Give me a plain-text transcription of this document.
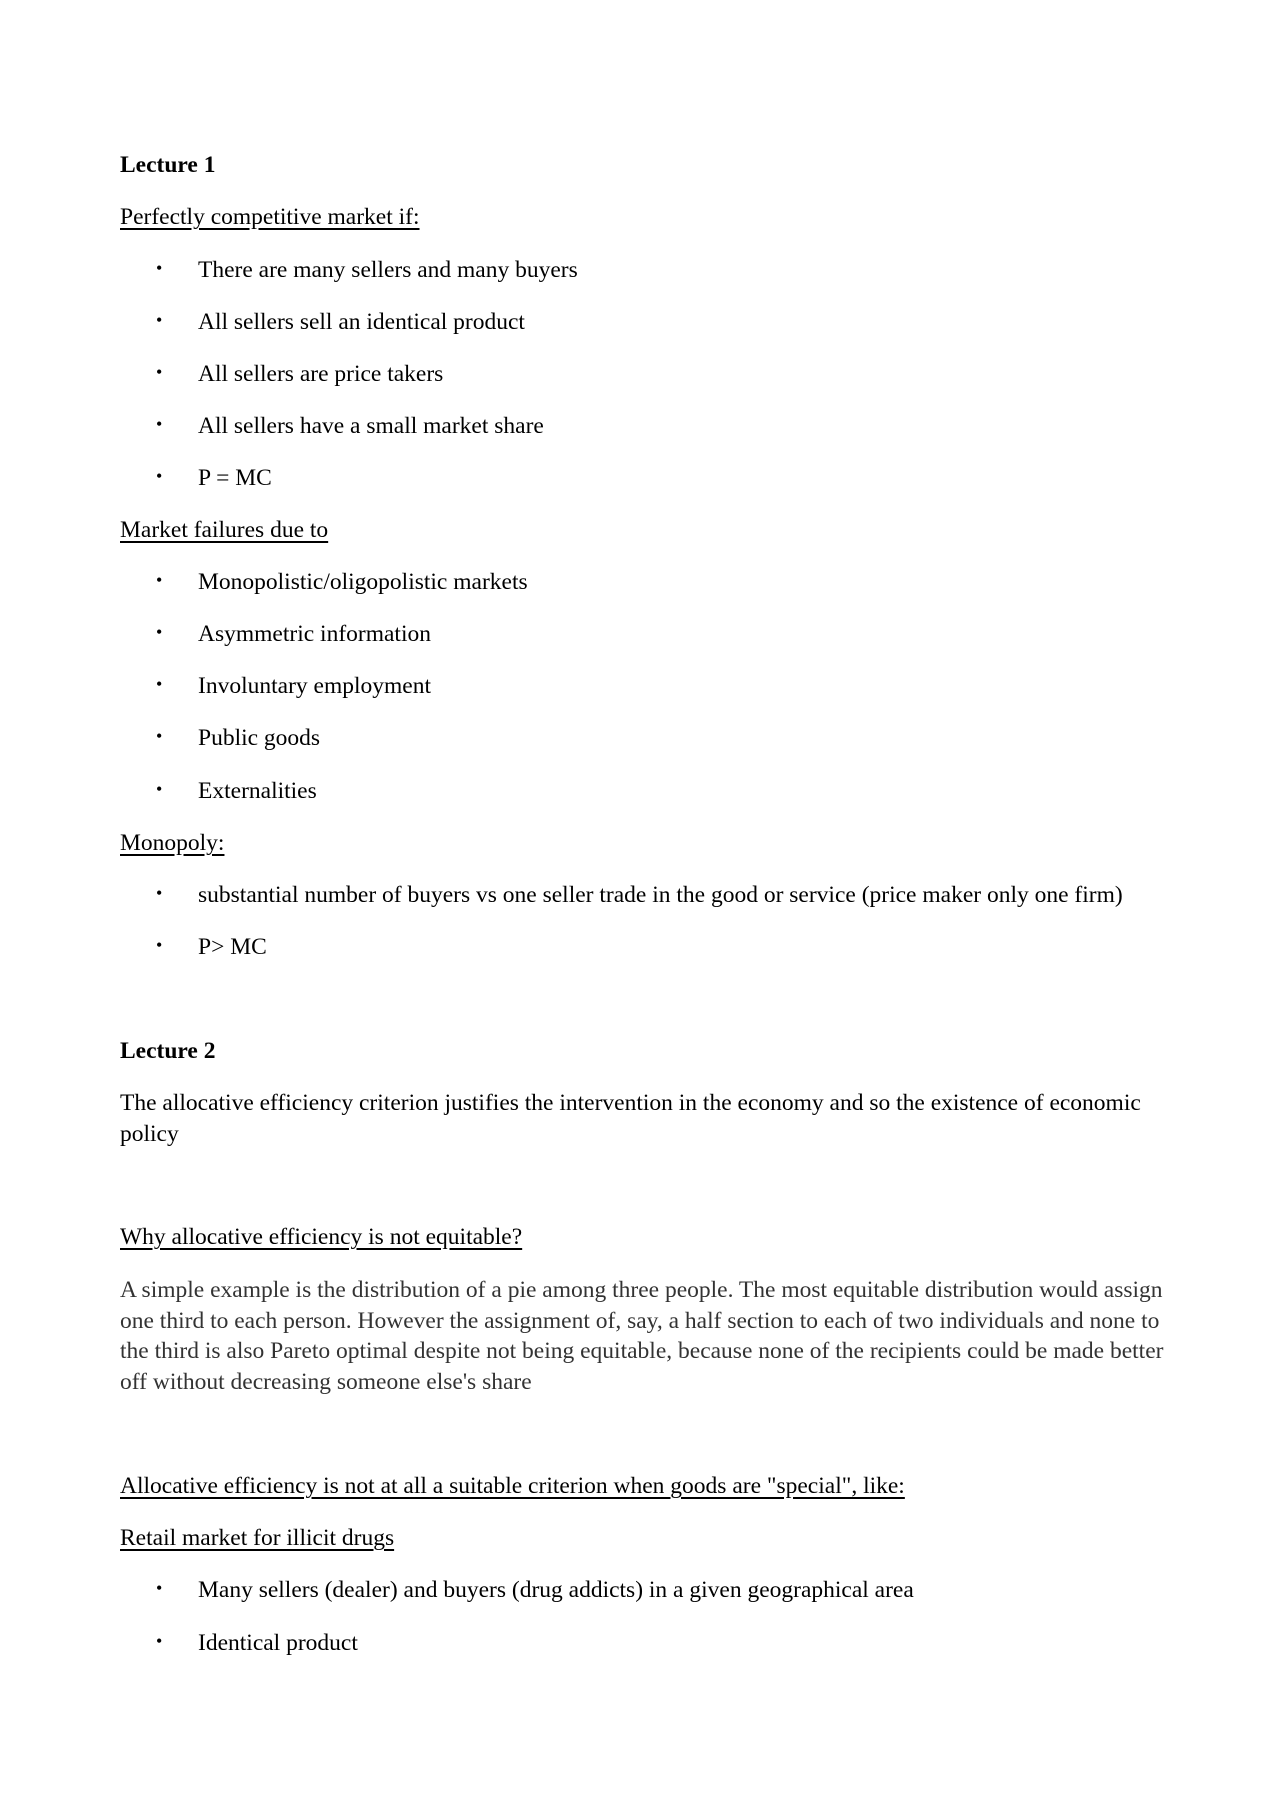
Lecture 1
Perfectly competitive market if:
• There are many sellers and many buyers
• All sellers sell an identical product
• All sellers are price takers
• All sellers have a small market share
• P = MC
Market failures due to
• Monopolistic/oligopolistic markets
• Asymmetric information
• Involuntary employment
• Public goods
• Externalities
Monopoly:
• substantial number of buyers vs one seller trade in the good or service (price maker only one firm)
• P> MC
Lecture 2
The allocative efficiency criterion justifies the intervention in the economy and so the existence of economic policy
Why allocative efficiency is not equitable?
A simple example is the distribution of a pie among three people. The most equitable distribution would assign one third to each person. However the assignment of, say, a half section to each of two individuals and none to the third is also Pareto optimal despite not being equitable, because none of the recipients could be made better off without decreasing someone else's share
Allocative efficiency is not at all a suitable criterion when goods are "special", like:
Retail market for illicit drugs
• Many sellers (dealer) and buyers (drug addicts) in a given geographical area
• Identical product
